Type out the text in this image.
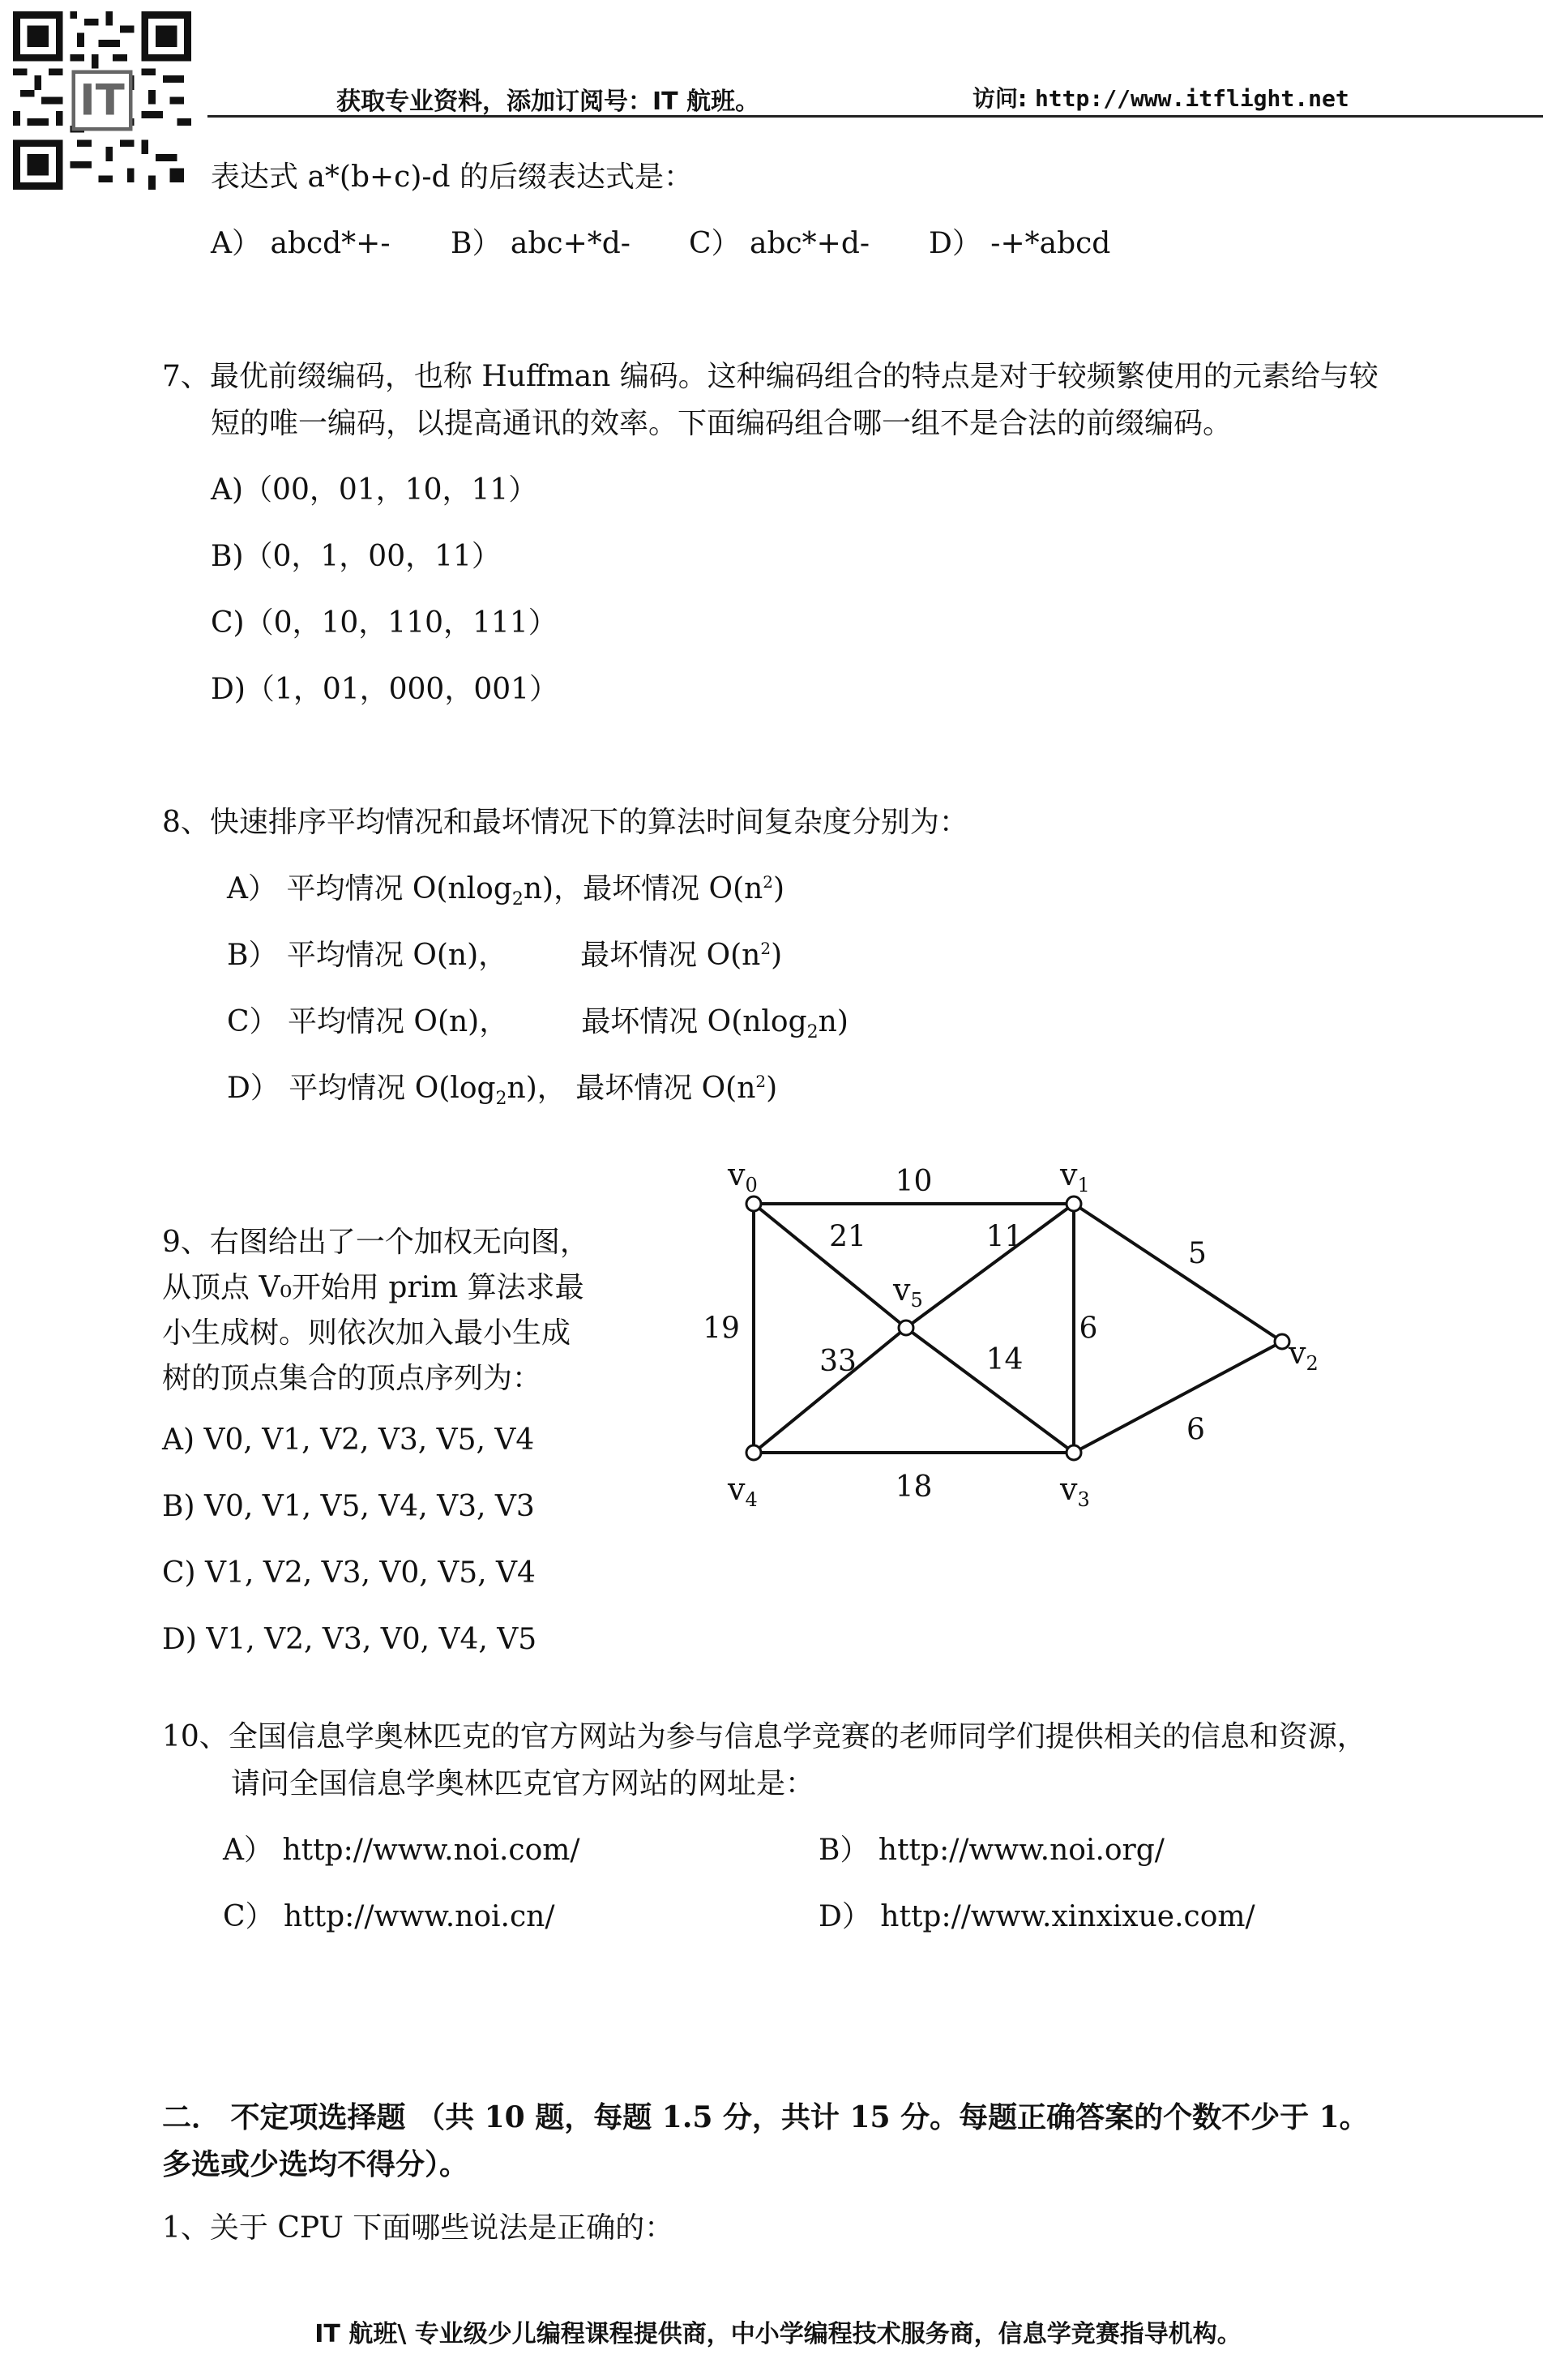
IT	获取专业资料，添加订阅号：IT 航班。	访问: http://www.itflight.net
表达式 a*(b+c)-d 的后缀表达式是：
A） abcd*+- B） abc+*d- C） abc*+d- D） -+*abcd
7、最优前缀编码，也称 Huffman 编码。这种编码组合的特点是对于较频繁使用的元素给与较
短的唯一编码，以提高通讯的效率。下面编码组合哪一组不是合法的前缀编码。
A)（00，01，10，11）
B)（0，1，00，11）
C)（0，10，110，111）
D)（1，01，000，001）
8、快速排序平均情况和最坏情况下的算法时间复杂度分别为：
A） 平均情况 O(nlog$_2$n)，最坏情况 $O(n^2)$
B） 平均情况 O(n)，	最坏情况 $O(n^2)$
C） 平均情况 O(n)，	最坏情况 O(nlog$_2$n)
D） 平均情况 $O(\log_2n)$， 最坏情况 $O(n^2)$
9、右图给出了一个加权无向图，
从顶点 V₀开始用 prim 算法求最
小生成树。则依次加入最小生成
树的顶点集合的顶点序列为：
A) V0, V1, V2, V3, V5, V4
B) V0, V1, V5, V4, V3, V3
C) V1, V2, V3, V0, V5, V4
D) V1, V2, V3, V0, V4, V5
10
5
21	11
19
33	14
6
6
18
$v_0$	$v_1$
$v_2$
$v_3$
$v_4$
$v_5$
10、全国信息学奥林匹克的官方网站为参与信息学竞赛的老师同学们提供相关的信息和资源，
请问全国信息学奥林匹克官方网站的网址是：
A） http://www.noi.com/	B） http://www.noi.org/
C） http://www.noi.cn/	D） http://www.xinxixue.com/
二． 不定项选择题 （共 10 题，每题 1.5 分，共计 15 分。每题正确答案的个数不少于 1。
多选或少选均不得分）。
1、关于 CPU 下面哪些说法是正确的：
IT 航班\ 专业级少儿编程课程提供商，中小学编程技术服务商，信息学竞赛指导机构。
